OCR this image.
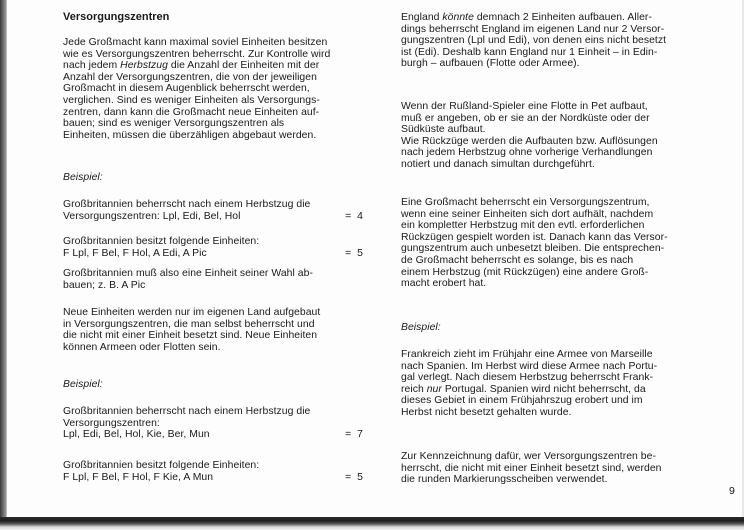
Versorgungszentren

Jede Großmacht kann maximal soviel Einheiten besitzen
wie es Versorgungszentren beherrscht. Zur Kontrolle wird
nach jedem Herbstzug die Anzahl der Einheiten mit der
Anzahl der Versorgungszentren, die von der jeweiligen
Großmacht in diesem Augenblick beherrscht werden,
verglichen. Sind es weniger Einheiten als Versorgungs-
zentren, dann kann die Großmacht neue Einheiten auf-
bauen; sind es weniger Versorgungszentren als
Einheiten, müssen die überzähligen abgebaut werden.

Beispiel:

Großbritannien beherrscht nach einem Herbstzug die

Versorgungszentren: Lpl, Edi, Bel, Hol	=  4

Großbritannien besitzt folgende Einheiten:

F Lpl, F Bel, F Hol, A Edi, A Pic	=  5

Großbritannien muß also eine Einheit seiner Wahl ab-
bauen; z. B. A Pic

Neue Einheiten werden nur im eigenen Land aufgebaut
in Versorgungszentren, die man selbst beherrscht und
die nicht mit einer Einheit besetzt sind. Neue Einheiten
können Armeen oder Flotten sein.

Beispiel:

Großbritannien beherrscht nach einem Herbstzug die

Versorgungszentren:

Lpl, Edi, Bel, Hol, Kie, Ber, Mun	=  7

Großbritannien besitzt folgende Einheiten:

F Lpl, F Bel, F Hol, F Kie, A Mun	=  5

England könnte demnach 2 Einheiten aufbauen. Aller-
dings beherrscht England im eigenen Land nur 2 Versor-
gungszentren (Lpl und Edi), von denen eins nicht besetzt
ist (Edi). Deshalb kann England nur 1 Einheit – in Edin-
burgh – aufbauen (Flotte oder Armee).

Wenn der Rußland-Spieler eine Flotte in Pet aufbaut,
muß er angeben, ob er sie an der Nordküste oder der
Südküste aufbaut.
Wie Rückzüge werden die Aufbauten bzw. Auflösungen
nach jedem Herbstzug ohne vorherige Verhandlungen
notiert und danach simultan durchgeführt.

Eine Großmacht beherrscht ein Versorgungszentrum,
wenn eine seiner Einheiten sich dort aufhält, nachdem
ein kompletter Herbstzug mit den evtl. erforderlichen
Rückzügen gespielt worden ist. Danach kann das Versor-
gungszentrum auch unbesetzt bleiben. Die entsprechen-
de Großmacht beherrscht es solange, bis es nach
einem Herbstzug (mit Rückzügen) eine andere Groß-
macht erobert hat.

Beispiel:

Frankreich zieht im Frühjahr eine Armee von Marseille
nach Spanien. Im Herbst wird diese Armee nach Portu-
gal verlegt. Nach diesem Herbstzug beherrscht Frank-
reich nur Portugal. Spanien wird nicht beherrscht, da
dieses Gebiet in einem Frühjahrszug erobert und im
Herbst nicht besetzt gehalten wurde.

Zur Kennzeichnung dafür, wer Versorgungszentren be-
herrscht, die nicht mit einer Einheit besetzt sind, werden
die runden Markierungsscheiben verwendet.

9
